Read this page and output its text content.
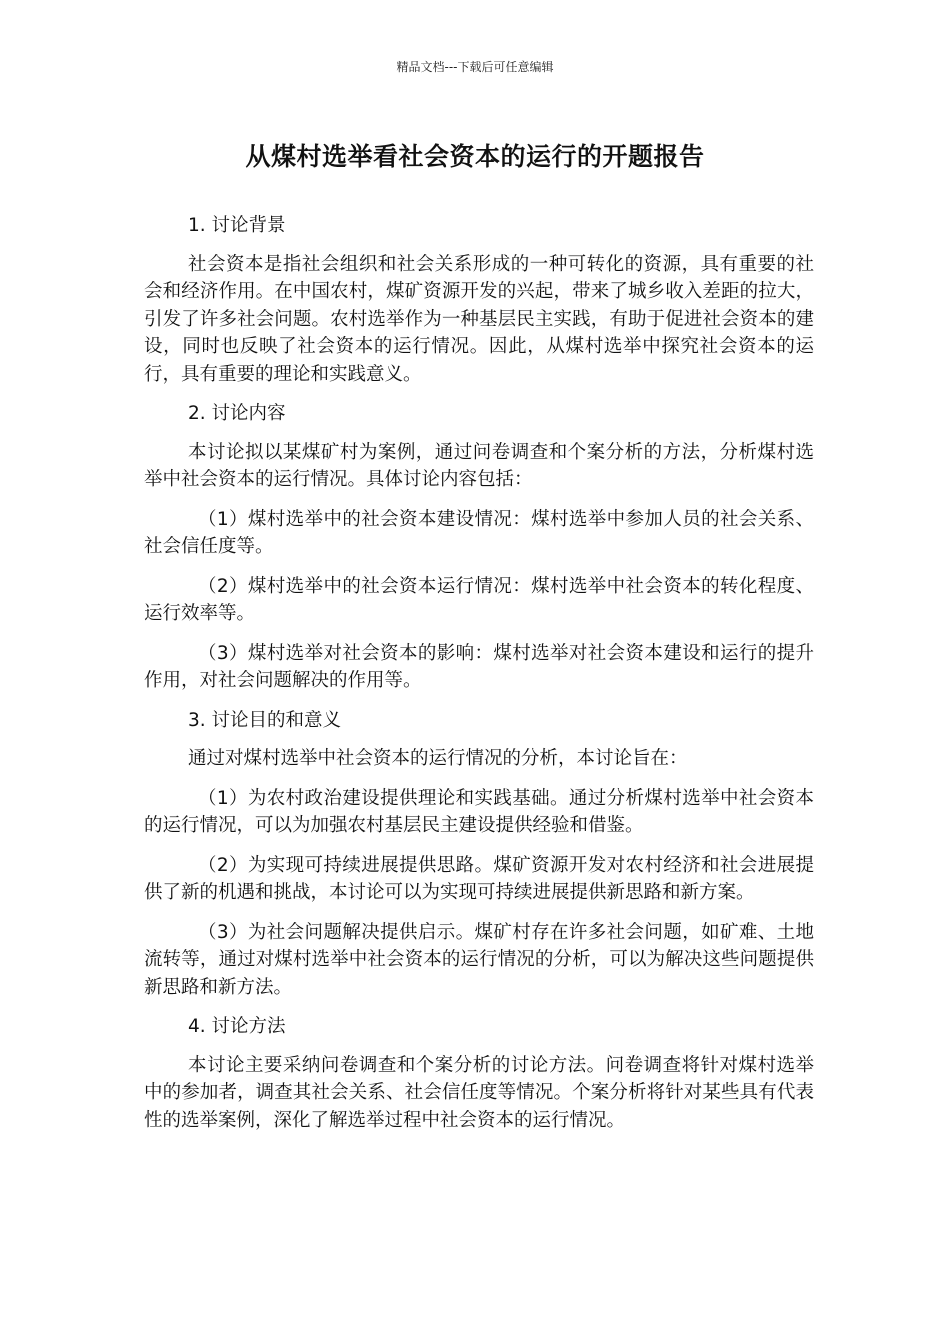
精品文档---下载后可任意编辑
从煤村选举看社会资本的运行的开题报告
1. 讨论背景
社会资本是指社会组织和社会关系形成的一种可转化的资源，具有重要的社会和经济作用。在中国农村，煤矿资源开发的兴起，带来了城乡收入差距的拉大，引发了许多社会问题。农村选举作为一种基层民主实践，有助于促进社会资本的建设，同时也反映了社会资本的运行情况。因此，从煤村选举中探究社会资本的运行，具有重要的理论和实践意义。
2. 讨论内容
本讨论拟以某煤矿村为案例，通过问卷调查和个案分析的方法，分析煤村选举中社会资本的运行情况。具体讨论内容包括：
（1）煤村选举中的社会资本建设情况：煤村选举中参加人员的社会关系、社会信任度等。
（2）煤村选举中的社会资本运行情况：煤村选举中社会资本的转化程度、运行效率等。
（3）煤村选举对社会资本的影响：煤村选举对社会资本建设和运行的提升作用，对社会问题解决的作用等。
3. 讨论目的和意义
通过对煤村选举中社会资本的运行情况的分析，本讨论旨在：
（1）为农村政治建设提供理论和实践基础。通过分析煤村选举中社会资本的运行情况，可以为加强农村基层民主建设提供经验和借鉴。
（2）为实现可持续进展提供思路。煤矿资源开发对农村经济和社会进展提供了新的机遇和挑战，本讨论可以为实现可持续进展提供新思路和新方案。
（3）为社会问题解决提供启示。煤矿村存在许多社会问题，如矿难、土地流转等，通过对煤村选举中社会资本的运行情况的分析，可以为解决这些问题提供新思路和新方法。
4. 讨论方法
本讨论主要采纳问卷调查和个案分析的讨论方法。问卷调查将针对煤村选举中的参加者，调查其社会关系、社会信任度等情况。个案分析将针对某些具有代表性的选举案例，深化了解选举过程中社会资本的运行情况。
